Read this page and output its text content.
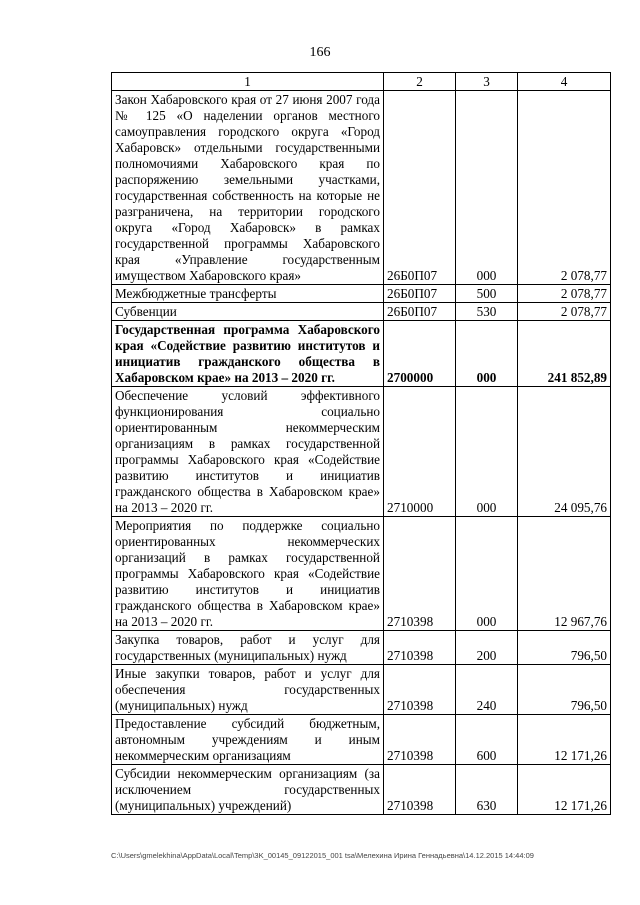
166
1	2	3	4
Закон Хабаровского края от 27 июня 2007 года № 125 «О наделении органов местного самоуправления городского округа «Город Хабаровск» отдельными государственными полномочиями Хабаровского края по распоряжению земельными участками, государственная собственность на которые не разграничена, на территории городского округа «Город Хабаровск» в рамках государственной программы Хабаровского края «Управление государственным имуществом Хабаровского края»	26Б0П07	000	2 078,77
Межбюджетные трансферты	26Б0П07	500	2 078,77
Субвенции	26Б0П07	530	2 078,77
Государственная программа Хабаровского края «Содействие развитию институтов и инициатив гражданского общества в Хабаровском крае» на 2013 – 2020 гг.	2700000	000	241 852,89
Обеспечение условий эффективного функционирования социально ориентированным некоммерческим организациям в рамках государственной программы Хабаровского края «Содействие развитию институтов и инициатив гражданского общества в Хабаровском крае» на 2013 – 2020 гг.	2710000	000	24 095,76
Мероприятия по поддержке социально ориентированных некоммерческих организаций в рамках государственной программы Хабаровского края «Содействие развитию институтов и инициатив гражданского общества в Хабаровском крае» на 2013 – 2020 гг.	2710398	000	12 967,76
Закупка товаров, работ и услуг для государственных (муниципальных) нужд	2710398	200	796,50
Иные закупки товаров, работ и услуг для обеспечения государственных (муниципальных) нужд	2710398	240	796,50
Предоставление субсидий бюджетным, автономным учреждениям и иным некоммерческим организациям	2710398	600	12 171,26
Субсидии некоммерческим организациям (за исключением государственных (муниципальных) учреждений)	2710398	630	12 171,26
C:\Users\gmelekhina\AppData\Local\Temp\3K_00145_09122015_001 tsa\Мелехина Ирина Геннадьевна\14.12.2015 14:44:09
